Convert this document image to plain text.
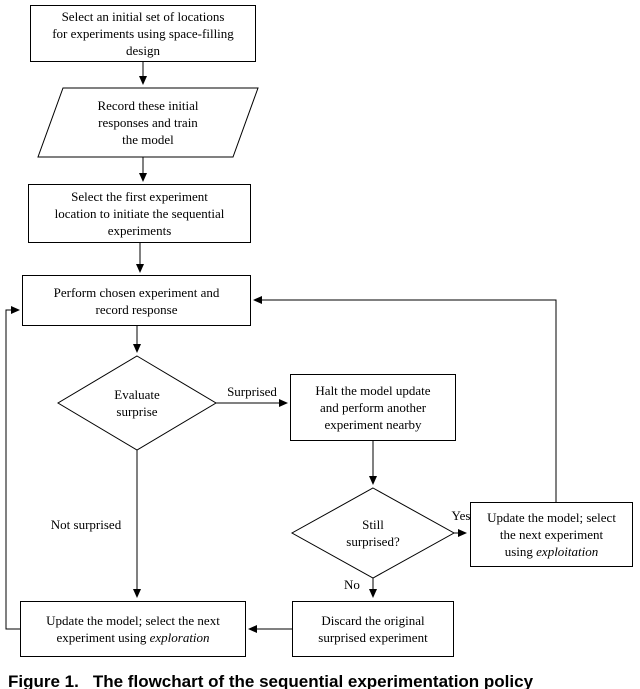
Select an initial set of locations
for experiments using space-filling
design
Record these initial
responses and train
the model
Select the first experiment
location to initiate the sequential
experiments
Perform chosen experiment and
record response
Evaluate
surprise
Halt the model update
and perform another
experiment nearby
Still
surprised?
Update the model; select
the next experiment
using exploitation
Discard the original
surprised experiment
Update the model; select the next
experiment using exploration
Surprised
Not surprised
Yes
No
Figure 1. The flowchart of the sequential experimentation policy
